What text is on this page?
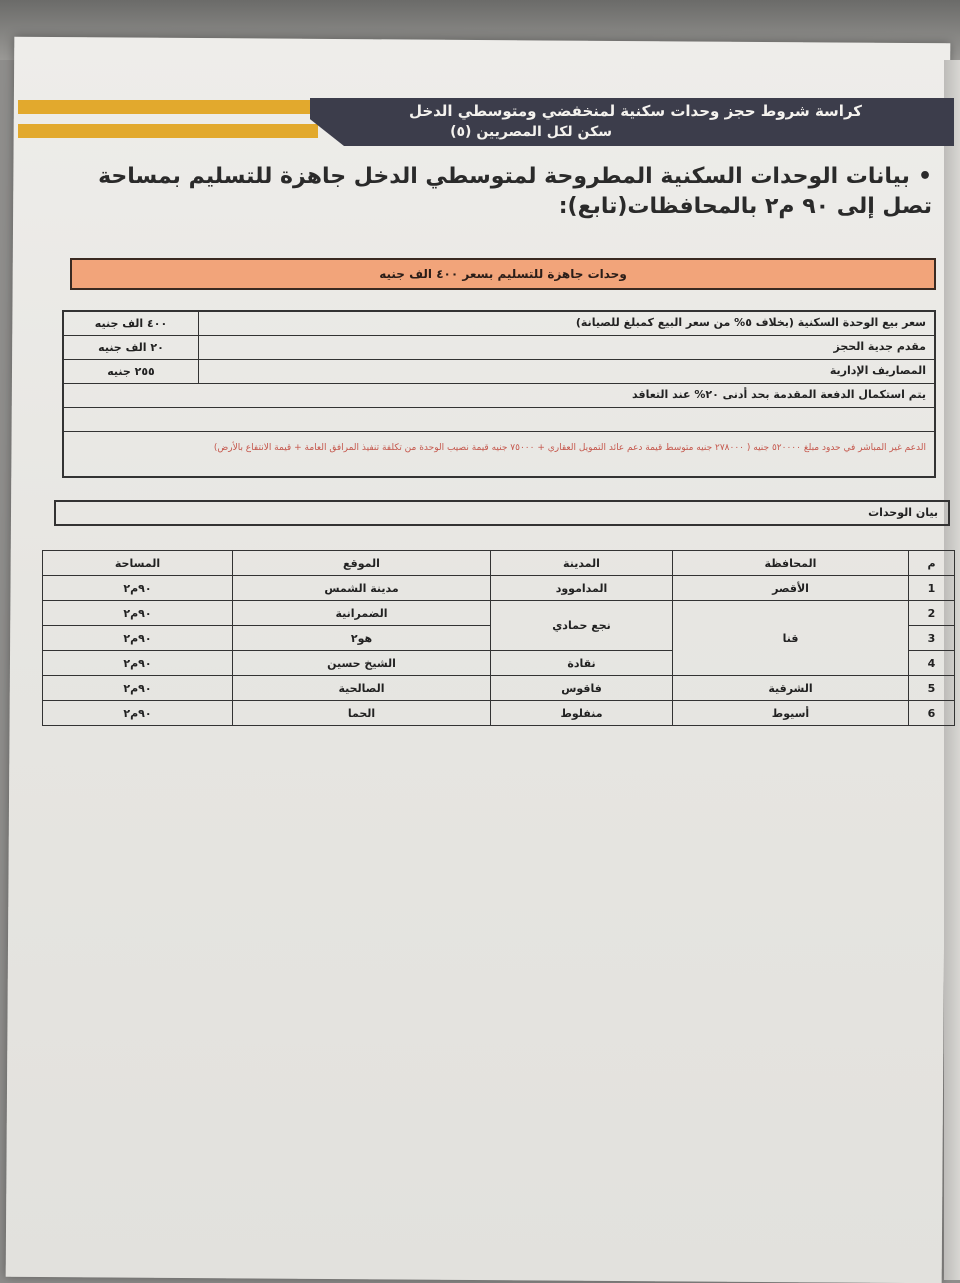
كراسة شروط حجز وحدات سكنية لمنخفضي ومتوسطي الدخل
سكن لكل المصريين (٥)
•بيانات الوحدات السكنية المطروحة لمتوسطي الدخل جاهزة للتسليم بمساحة تصل إلى ٩٠ م٢ بالمحافظات(تابع):
وحدات جاهزة للتسليم بسعر ٤٠٠ الف جنيه
سعر بيع الوحدة السكنية (بخلاف ٥% من سعر البيع كمبلغ للصيانة)
٤٠٠ الف جنيه
مقدم جدية الحجز
٢٠ الف جنيه
المصاريف الإدارية
٢٥٥ جنيه
يتم استكمال الدفعة المقدمة بحد أدنى ٢٠% عند التعاقد
الدعم غير المباشر في حدود مبلغ ٥٢٠٠٠٠ جنيه ( ٢٧٨٠٠٠ جنيه متوسط قيمة دعم عائد التمويل العقاري + ٧٥٠٠٠ جنيه قيمة نصيب الوحدة من تكلفة تنفيذ المرافق العامة + قيمة الانتفاع بالأرض)
بيان الوحدات
م	المحافظة	المدينة	الموقع	المساحة
1	الأقصر	المداموود	مدينة الشمس	٩٠م٢
2	قنا	نجع حمادي	الضمرانية	٩٠م٢
3			هو٢	٩٠م٢
4		نقادة	الشيخ حسين	٩٠م٢
5	الشرقية	فاقوس	الصالحية	٩٠م٢
6	أسيوط	منفلوط	الحما	٩٠م٢
